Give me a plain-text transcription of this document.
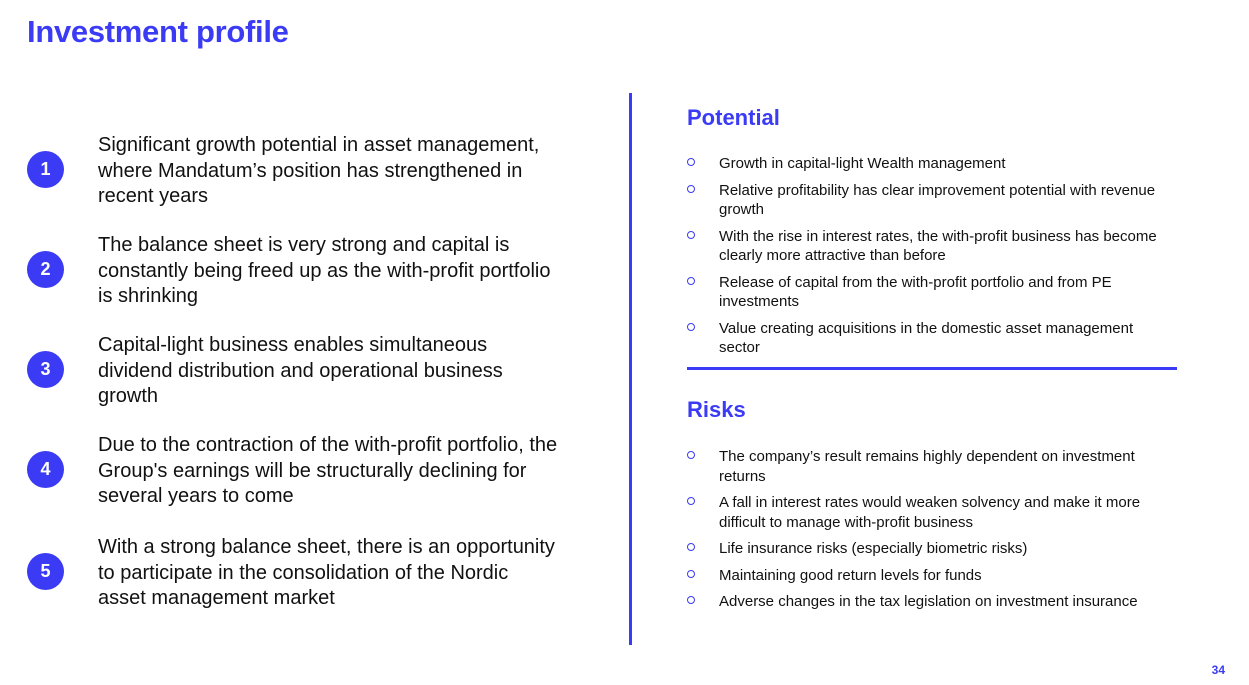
Investment profile
1
Significant growth potential in asset management, where Mandatum’s position has strengthened in recent years
2
The balance sheet is very strong and capital is constantly being freed up as the with-profit portfolio is shrinking
3
Capital-light business enables simultaneous dividend distribution and operational business growth
4
Due to the contraction of the with-profit portfolio, the Group's earnings will be structurally declining for several years to come
5
With a strong balance sheet, there is an opportunity to participate in the consolidation of the Nordic asset management market
Potential
Growth in capital-light Wealth management
Relative profitability has clear improvement potential with revenue growth
With the rise in interest rates, the with-profit business has become clearly more attractive than before
Release of capital from the with-profit portfolio and from PE investments
Value creating acquisitions in the domestic asset management sector
Risks
The company’s result remains highly dependent on investment returns
A fall in interest rates would weaken solvency and make it more difficult to manage with-profit business
Life insurance risks (especially biometric risks)
Maintaining good return levels for funds
Adverse changes in the tax legislation on investment insurance
34
